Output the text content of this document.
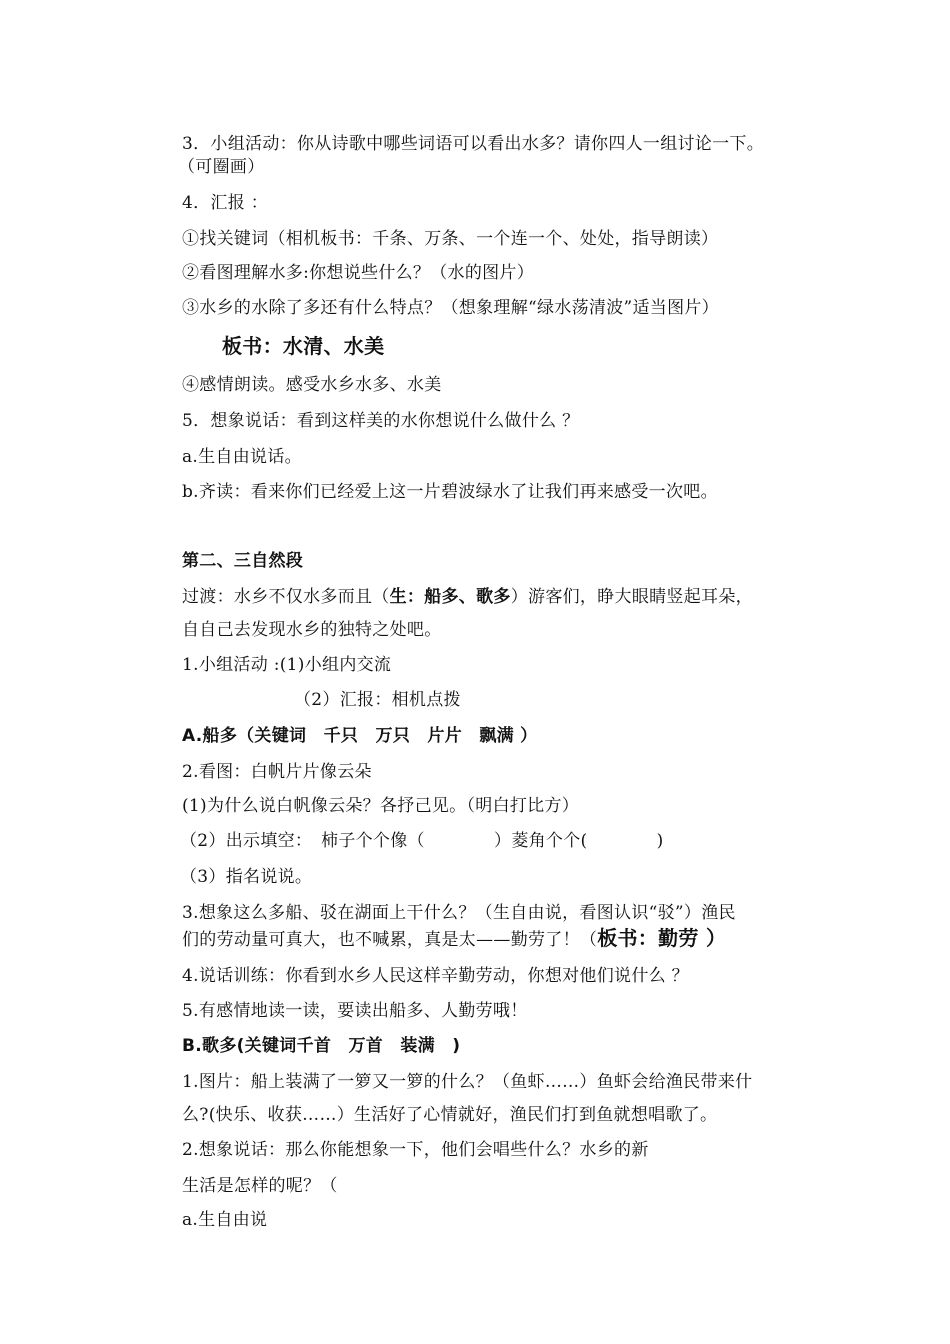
3．小组活动：你从诗歌中哪些词语可以看出水多？请你四人一组讨论一下。
（可圈画）
4．汇报 ：
①找关键词（相机板书：千条、万条、一个连一个、处处，指导朗读）
②看图理解水多:你想说些什么？（水的图片）
③水乡的水除了多还有什么特点？（想象理解“绿水荡清波”适当图片）
板书：水清、水美
④感情朗读。感受水乡水多、水美
5．想象说话：看到这样美的水你想说什么做什么 ？
a.生自由说话。
b.齐读：看来你们已经爱上这一片碧波绿水了让我们再来感受一次吧。
第二、三自然段
过渡：水乡不仅水多而且（生：船多、歌多）游客们，睁大眼睛竖起耳朵，
自自己去发现水乡的独特之处吧。
1.小组活动 :(1)小组内交流
（2）汇报：相机点拨
A.船多（关键词　千只　万只　片片　飘满 ）
2.看图：白帆片片像云朵
(1)为什么说白帆像云朵？各抒己见。（明白打比方）
（2）出示填空：　柿子个个像（　　　　）菱角个个(　　　　)
（3）指名说说。
3.想象这么多船、驳在湖面上干什么？（生自由说，看图认识“驳”）渔民
们的劳动量可真大，也不喊累，真是太——勤劳了！（板书：勤劳 ）
4.说话训练：你看到水乡人民这样辛勤劳动，你想对他们说什么 ？
5.有感情地读一读，要读出船多、人勤劳哦！
B.歌多(关键词千首　万首　装满　)
1.图片：船上装满了一箩又一箩的什么？（鱼虾……）鱼虾会给渔民带来什
么?(快乐、收获……）生活好了心情就好，渔民们打到鱼就想唱歌了。
2.想象说话：那么你能想象一下，他们会唱些什么？水乡的新
生活是怎样的呢？（
a.生自由说
